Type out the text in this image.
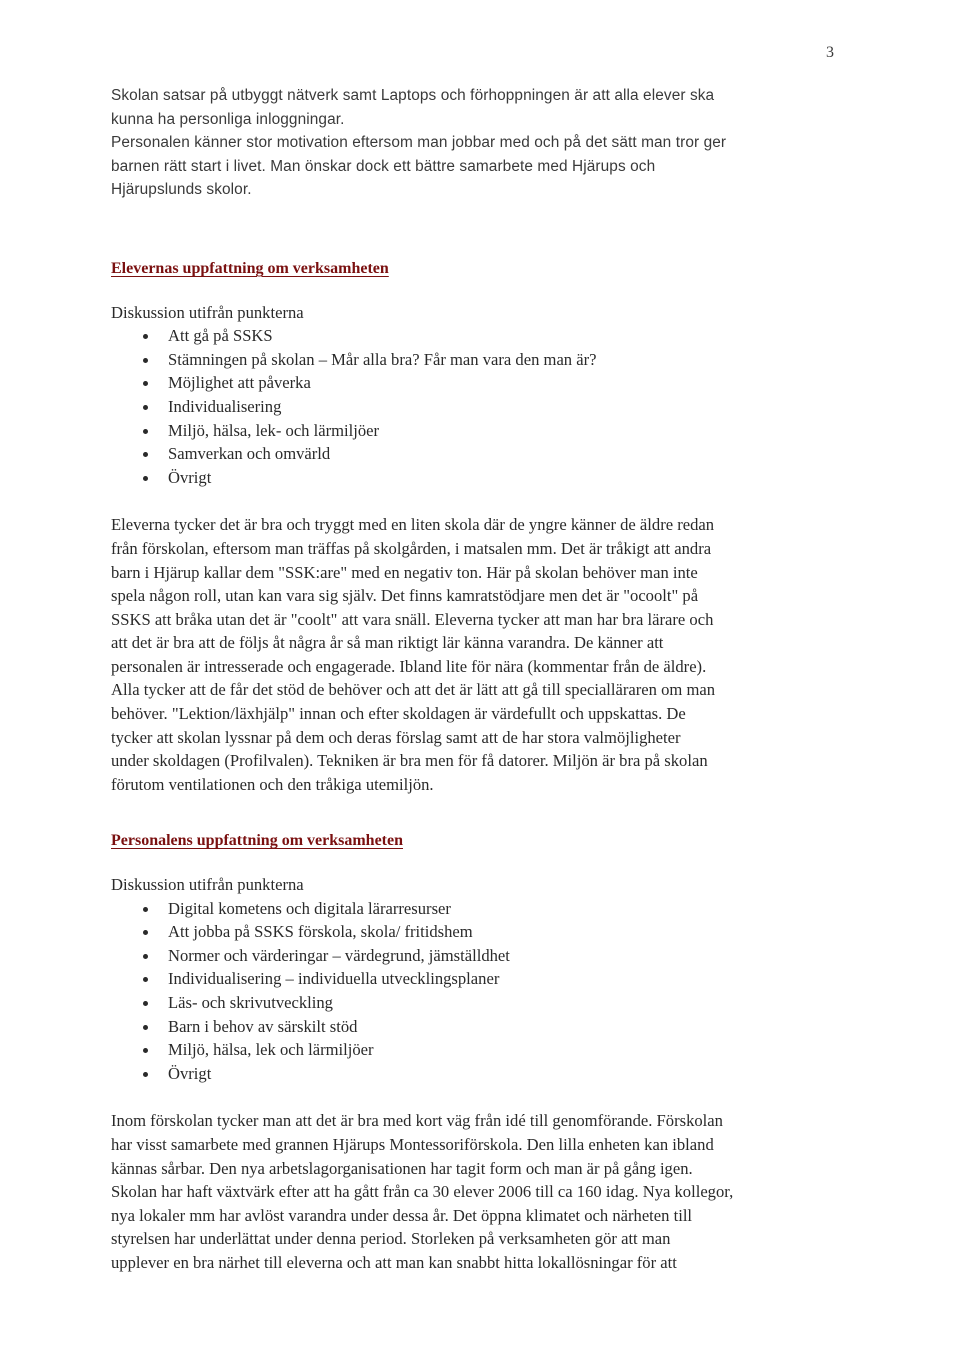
3
Skolan satsar på utbyggt nätverk samt Laptops och förhoppningen är att alla elever ska
kunna ha personliga inloggningar.
Personalen känner stor motivation eftersom man jobbar med och på det sätt man tror ger
barnen rätt start i livet. Man önskar dock ett bättre samarbete med Hjärups och
Hjärupslunds skolor.
Elevernas uppfattning om verksamheten

Diskussion utifrån punkterna

Att gå på SSKS
Stämningen på skolan – Mår alla bra? Får man vara den man är?
Möjlighet att påverka
Individualisering
Miljö, hälsa, lek- och lärmiljöer
Samverkan och omvärld
Övrigt
Eleverna tycker det är bra och tryggt med en liten skola där de yngre känner de äldre redan
från förskolan, eftersom man träffas på skolgården, i matsalen mm. Det är tråkigt att andra
barn i Hjärup kallar dem "SSK:are" med en negativ ton. Här på skolan behöver man inte
spela någon roll, utan kan vara sig själv. Det finns kamratstödjare men det är "ocoolt" på
SSKS att bråka utan det är "coolt" att vara snäll. Eleverna tycker att man har bra lärare och
att det är bra att de följs åt några år så man riktigt lär känna varandra. De känner att
personalen är intresserade och engagerade. Ibland lite för nära (kommentar från de äldre).
Alla tycker att de får det stöd de behöver och att det är lätt att gå till specialläraren om man
behöver. "Lektion/läxhjälp" innan och efter skoldagen är värdefullt och uppskattas. De
tycker att skolan lyssnar på dem och deras förslag samt att de har stora valmöjligheter
under skoldagen (Profilvalen). Tekniken är bra men för få datorer. Miljön är bra på skolan
förutom ventilationen och den tråkiga utemiljön.
Personalens uppfattning om verksamheten

Diskussion utifrån punkterna

Digital kometens och digitala lärarresurser
Att jobba på SSKS förskola, skola/ fritidshem
Normer och värderingar – värdegrund, jämställdhet
Individualisering – individuella utvecklingsplaner
Läs- och skrivutveckling
Barn i behov av särskilt stöd
Miljö, hälsa, lek och lärmiljöer
Övrigt
Inom förskolan tycker man att det är bra med kort väg från idé till genomförande. Förskolan
har visst samarbete med grannen Hjärups Montessoriförskola. Den lilla enheten kan ibland
kännas sårbar. Den nya arbetslagorganisationen har tagit form och man är på gång igen.
Skolan har haft växtvärk efter att ha gått från ca 30 elever 2006 till ca 160 idag. Nya kollegor,
nya lokaler mm har avlöst varandra under dessa år. Det öppna klimatet och närheten till
styrelsen har underlättat under denna period. Storleken på verksamheten gör att man
upplever en bra närhet till eleverna och att man kan snabbt hitta lokallösningar för att
